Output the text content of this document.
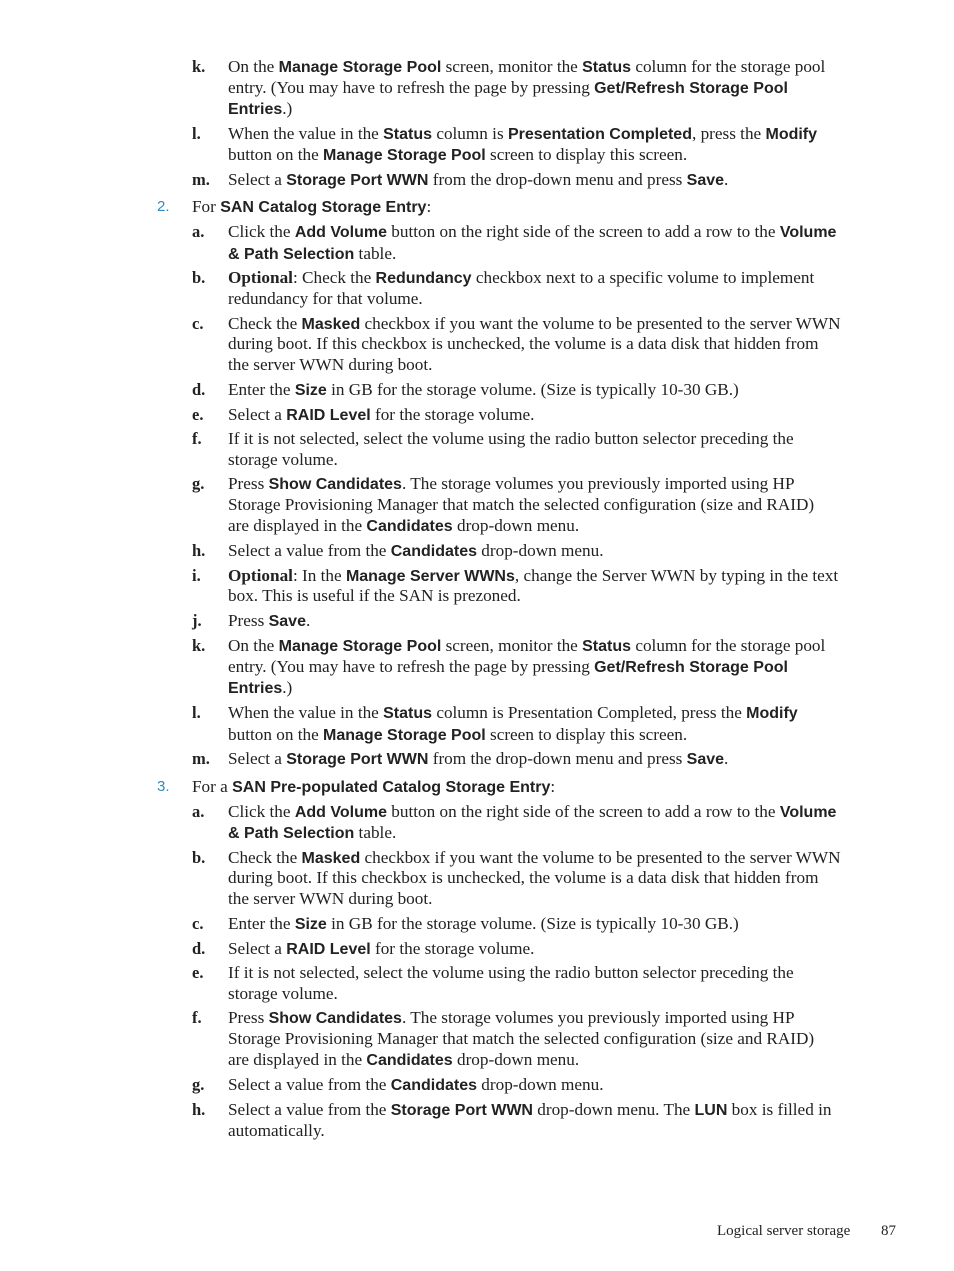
On the Manage Storage Pool screen, monitor the Status column for the storage pool
entry. (You may have to refresh the page by pressing Get/Refresh Storage Pool
Entries.)
When the value in the Status column is Presentation Completed, press the Modify
button on the Manage Storage Pool screen to display this screen.
Select a Storage Port WWN from the drop-down menu and press Save.
For SAN Catalog Storage Entry:
Click the Add Volume button on the right side of the screen to add a row to the Volume
& Path Selection table.
Optional: Check the Redundancy checkbox next to a specific volume to implement
redundancy for that volume.
Check the Masked checkbox if you want the volume to be presented to the server WWN
during boot. If this checkbox is unchecked, the volume is a data disk that hidden from
the server WWN during boot.
Enter the Size in GB for the storage volume. (Size is typically 10-30 GB.)
Select a RAID Level for the storage volume.
If it is not selected, select the volume using the radio button selector preceding the
storage volume.
Press Show Candidates. The storage volumes you previously imported using HP
Storage Provisioning Manager that match the selected configuration (size and RAID)
are displayed in the Candidates drop-down menu.
Select a value from the Candidates drop-down menu.
Optional: In the Manage Server WWNs, change the Server WWN by typing in the text
box. This is useful if the SAN is prezoned.
Press Save.
On the Manage Storage Pool screen, monitor the Status column for the storage pool
entry. (You may have to refresh the page by pressing Get/Refresh Storage Pool
Entries.)
When the value in the Status column is Presentation Completed, press the Modify
button on the Manage Storage Pool screen to display this screen.
Select a Storage Port WWN from the drop-down menu and press Save.
For a SAN Pre-populated Catalog Storage Entry:
Click the Add Volume button on the right side of the screen to add a row to the Volume
& Path Selection table.
Check the Masked checkbox if you want the volume to be presented to the server WWN
during boot. If this checkbox is unchecked, the volume is a data disk that hidden from
the server WWN during boot.
Enter the Size in GB for the storage volume. (Size is typically 10-30 GB.)
Select a RAID Level for the storage volume.
If it is not selected, select the volume using the radio button selector preceding the
storage volume.
Press Show Candidates. The storage volumes you previously imported using HP
Storage Provisioning Manager that match the selected configuration (size and RAID)
are displayed in the Candidates drop-down menu.
Select a value from the Candidates drop-down menu.
Select a value from the Storage Port WWN drop-down menu. The LUN box is filled in
automatically.
k.
l.
m.
2.
a.
b.
c.
d.
e.
f.
g.
h.
i.
j.
k.
l.
m.
3.
a.
b.
c.
d.
e.
f.
g.
h.
Logical server storage 87
